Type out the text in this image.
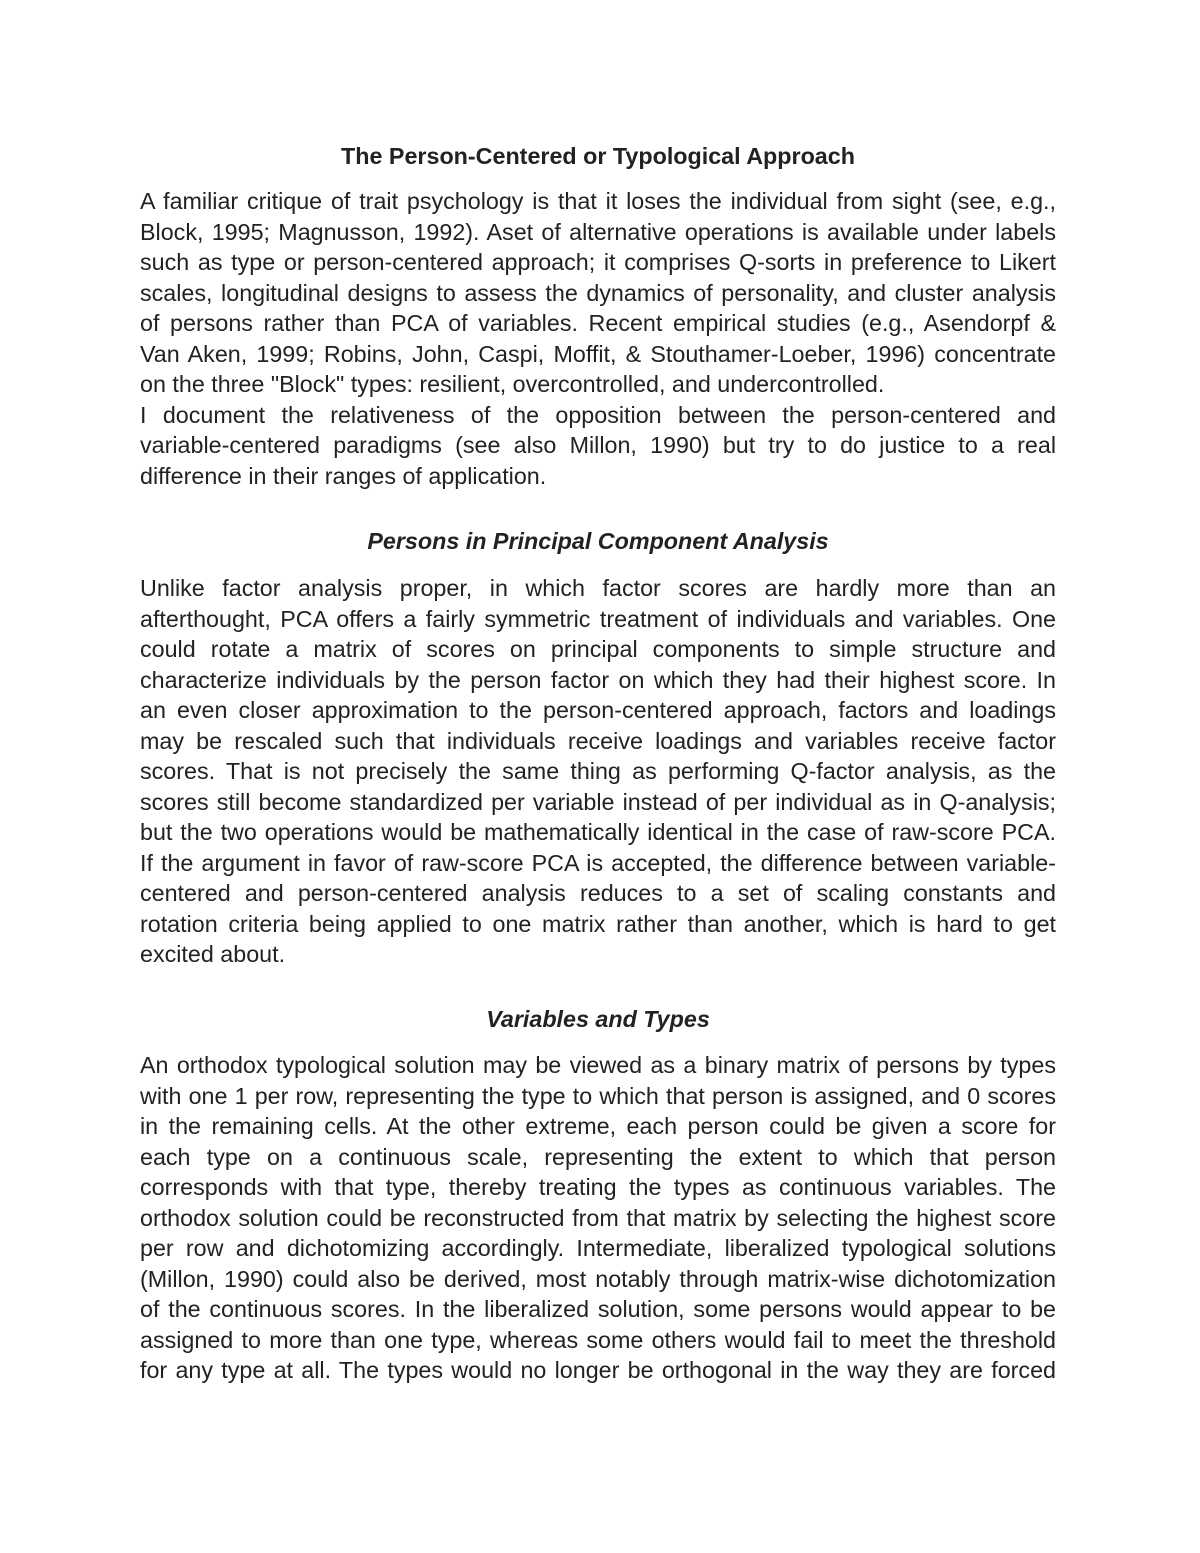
The Person-Centered or Typological Approach
A familiar critique of trait psychology is that it loses the individual from sight (see, e.g.,
Block, 1995; Magnusson, 1992). Aset of alternative operations is available under labels
such as type or person-centered approach; it comprises Q-sorts in preference to Likert
scales, longitudinal designs to assess the dynamics of personality, and cluster analysis
of persons rather than PCA of variables. Recent empirical studies (e.g., Asendorpf &
Van Aken, 1999; Robins, John, Caspi, Moffit, & Stouthamer-Loeber, 1996) concentrate
on the three "Block" types: resilient, overcontrolled, and undercontrolled.
I document the relativeness of the opposition between the person-centered and
variable-centered paradigms (see also Millon, 1990) but try to do justice to a real
difference in their ranges of application.
Persons in Principal Component Analysis
Unlike factor analysis proper, in which factor scores are hardly more than an
afterthought, PCA offers a fairly symmetric treatment of individuals and variables. One
could rotate a matrix of scores on principal components to simple structure and
characterize individuals by the person factor on which they had their highest score. In
an even closer approximation to the person-centered approach, factors and loadings
may be rescaled such that individuals receive loadings and variables receive factor
scores. That is not precisely the same thing as performing Q-factor analysis, as the
scores still become standardized per variable instead of per individual as in Q-analysis;
but the two operations would be mathematically identical in the case of raw-score PCA.
If the argument in favor of raw-score PCA is accepted, the difference between variable-
centered and person-centered analysis reduces to a set of scaling constants and
rotation criteria being applied to one matrix rather than another, which is hard to get
excited about.
Variables and Types
An orthodox typological solution may be viewed as a binary matrix of persons by types
with one 1 per row, representing the type to which that person is assigned, and 0 scores
in the remaining cells. At the other extreme, each person could be given a score for
each type on a continuous scale, representing the extent to which that person
corresponds with that type, thereby treating the types as continuous variables. The
orthodox solution could be reconstructed from that matrix by selecting the highest score
per row and dichotomizing accordingly. Intermediate, liberalized typological solutions
(Millon, 1990) could also be derived, most notably through matrix-wise dichotomization
of the continuous scores. In the liberalized solution, some persons would appear to be
assigned to more than one type, whereas some others would fail to meet the threshold
for any type at all. The types would no longer be orthogonal in the way they are forced
